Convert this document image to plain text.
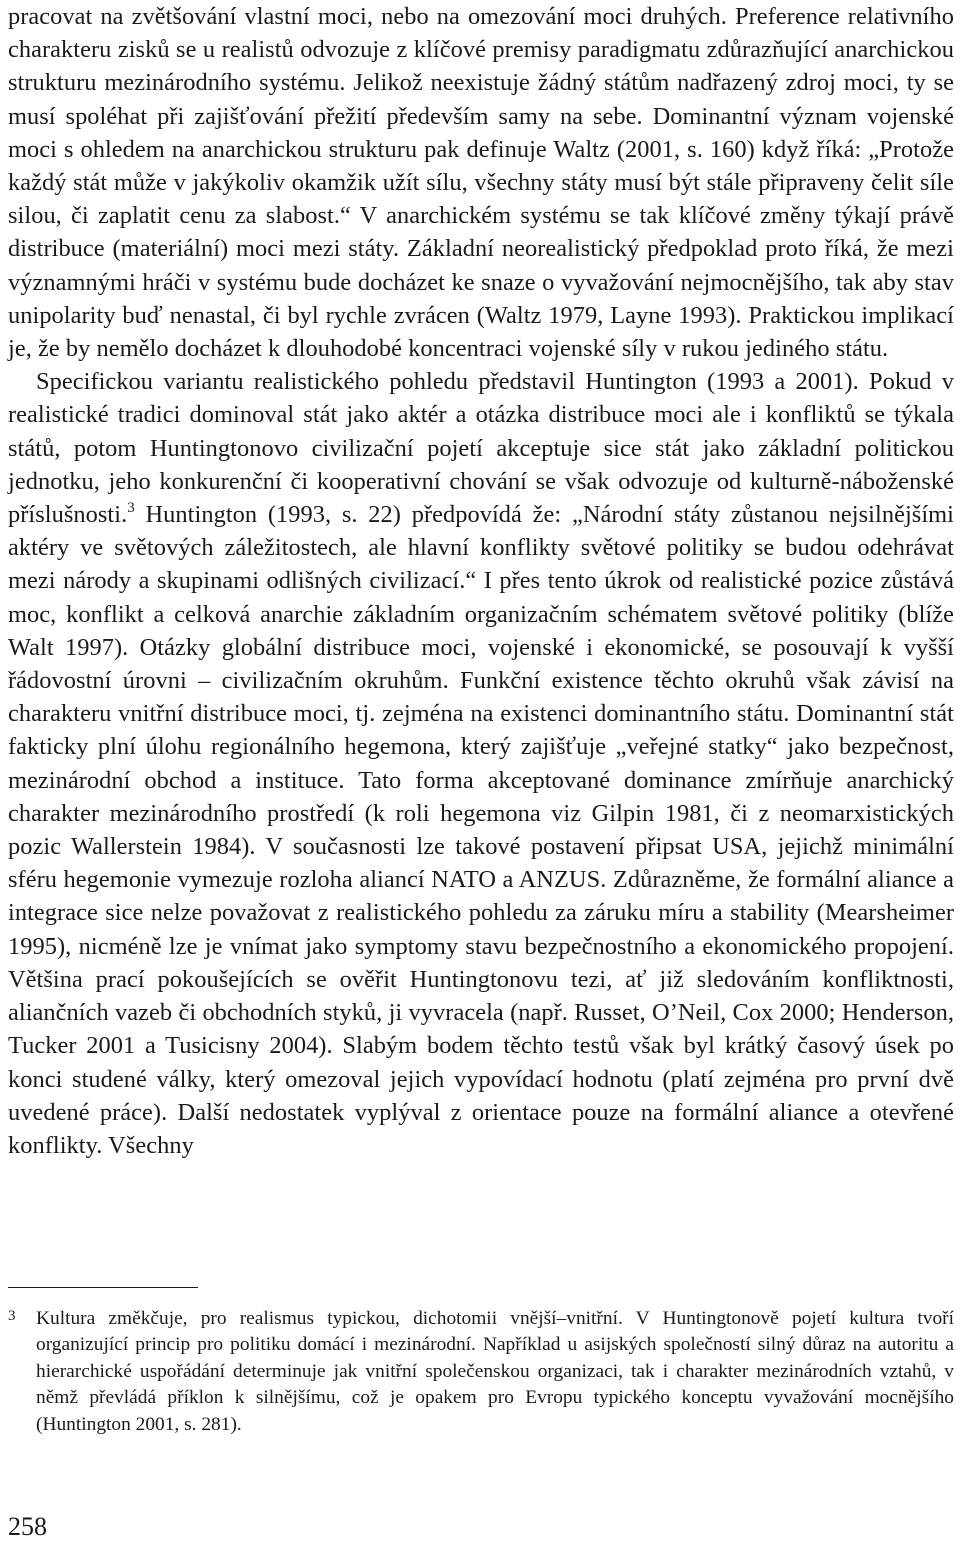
pracovat na zvětšování vlastní moci, nebo na omezování moci druhých. Preference relativního charakteru zisků se u realistů odvozuje z klíčové premisy paradigmatu zdůrazňující anarchickou strukturu mezinárodního systému. Jelikož neexistuje žádný státům nadřazený zdroj moci, ty se musí spoléhat při zajišťování přežití především samy na sebe. Dominantní význam vojenské moci s ohledem na anarchickou strukturu pak definuje Waltz (2001, s. 160) když říká: „Protože každý stát může v jakýkoliv okamžik užít sílu, všechny státy musí být stále připraveny čelit síle silou, či zaplatit cenu za slabost.“ V anarchickém systému se tak klíčové změny týkají právě distribuce (materiální) moci mezi státy. Základní neorealistický předpoklad proto říká, že mezi významnými hráči v systému bude docházet ke snaze o vyvažování nejmocnějšího, tak aby stav unipolarity buď nenastal, či byl rychle zvrácen (Waltz 1979, Layne 1993). Praktickou implikací je, že by nemělo docházet k dlouhodobé koncentraci vojenské síly v rukou jediného státu.

Specifickou variantu realistického pohledu představil Huntington (1993 a 2001). Pokud v realistické tradici dominoval stát jako aktér a otázka distribuce moci ale i konfliktů se týkala států, potom Huntingtonovo civilizační pojetí akceptuje sice stát jako základní politickou jednotku, jeho konkurenční či kooperativní chování se však odvozuje od kulturně-náboženské příslušnosti.$^3$ Huntington (1993, s. 22) předpovídá že: „Národní státy zůstanou nejsilnějšími aktéry ve světových záležitostech, ale hlavní konflikty světové politiky se budou odehrávat mezi národy a skupinami odlišných civilizací.“ I přes tento úkrok od realistické pozice zůstává moc, konflikt a celková anarchie základním organizačním schématem světové politiky (blíže Walt 1997). Otázky globální distribuce moci, vojenské i ekonomické, se posouvají k vyšší řádovostní úrovni – civilizačním okruhům. Funkční existence těchto okruhů však závisí na charakteru vnitřní distribuce moci, tj. zejména na existenci dominantního státu. Dominantní stát fakticky plní úlohu regionálního hegemona, který zajišťuje „veřejné statky“ jako bezpečnost, mezinárodní obchod a instituce. Tato forma akceptované dominance zmírňuje anarchický charakter mezinárodního prostředí (k roli hegemona viz Gilpin 1981, či z neomarxistických pozic Wallerstein 1984). V současnosti lze takové postavení připsat USA, jejichž minimální sféru hegemonie vymezuje rozloha aliancí NATO a ANZUS. Zdůrazněme, že formální aliance a integrace sice nelze považovat z realistického pohledu za záruku míru a stability (Mearsheimer 1995), nicméně lze je vnímat jako symptomy stavu bezpečnostního a ekonomického propojení. Většina prací pokoušejících se ověřit Huntingtonovu tezi, ať již sledováním konfliktnosti, aliančních vazeb či obchodních styků, ji vyvracela (např. Russet, O’Neil, Cox 2000; Henderson, Tucker 2001 a Tusicisny 2004). Slabým bodem těchto testů však byl krátký časový úsek po konci studené války, který omezoval jejich vypovídací hodnotu (platí zejména pro první dvě uvedené práce). Další nedostatek vyplýval z orientace pouze na formální aliance a otevřené konflikty. Všechny

3 Kultura změkčuje, pro realismus typickou, dichotomii vnější–vnitřní. V Huntingtonově pojetí kultura tvoří organizující princip pro politiku domácí i mezinárodní. Například u asijských společností silný důraz na autoritu a hierarchické uspořádání determinuje jak vnitřní společenskou organizaci, tak i charakter mezinárodních vztahů, v němž převládá příklon k silnějšímu, což je opakem pro Evropu typického konceptu vyvažování mocnějšího (Huntington 2001, s. 281).
258
